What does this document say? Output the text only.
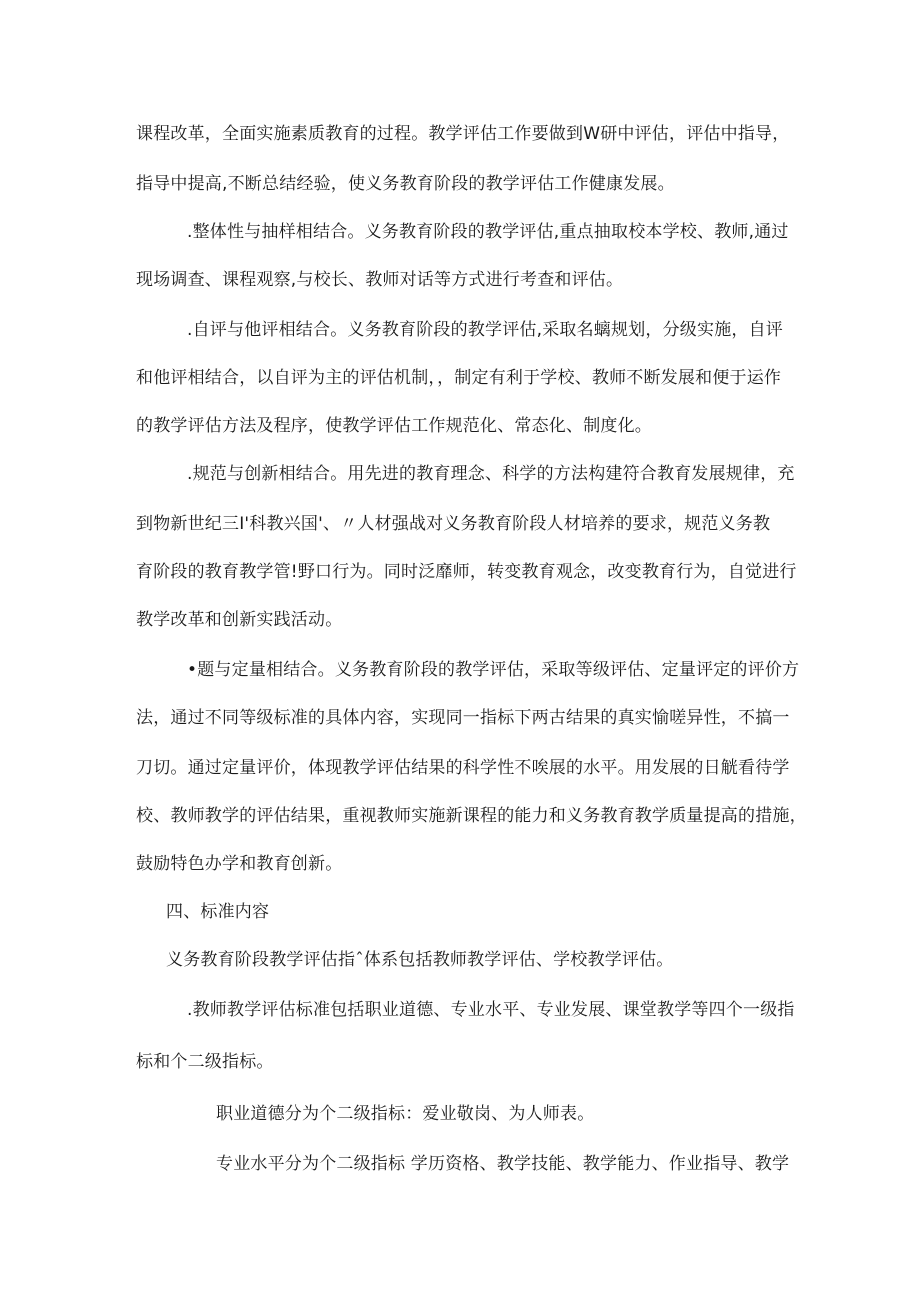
课程改革，全面实施素质教育的过程。教学评估工作要做到W研中评估，评估中指导，
指导中提高,不断总结经验，使义务教育阶段的教学评估工作健康发展。
.整体性与抽样相结合。义务教育阶段的教学评估,重点抽取校本学校、教师,通过
现场调查、课程观察,与校长、教师对话等方式进行考查和评估。
.自评与他评相结合。义务教育阶段的教学评估,采取名螭规划，分级实施，自评
和他评相结合，以自评为主的评估机制，，制定有利于学校、教师不断发展和便于运作
的教学评估方法及程序，使教学评估工作规范化、常态化、制度化。
.规范与创新相结合。用先进的教育理念、科学的方法构建符合教育发展规律，充
到物新世纪三I'科教兴国'、〃人材强战对义务教育阶段人材培养的要求，规范义务教
育阶段的教育教学管!野口行为。同时泛靡师，转变教育观念，改变教育行为，自觉进行
教学改革和创新实践活动。
•题与定量相结合。义务教育阶段的教学评估，采取等级评估、定量评定的评价方
法，通过不同等级标准的具体内容，实现同一指标下两古结果的真实愉嗟异性，不搞一
刀切。通过定量评价，体现教学评估结果的科学性不唉展的水平。用发展的日觥看待学
校、教师教学的评估结果，重视教师实施新课程的能力和义务教育教学质量提高的措施，
鼓励特色办学和教育创新。
四、标准内容
义务教育阶段教学评估指ˆ体系包括教师教学评估、学校教学评估。
.教师教学评估标准包括职业道德、专业水平、专业发展、课堂教学等四个一级指
标和个二级指标。
职业道德分为个二级指标：爱业敬岗、为人师表。
专业水平分为个二级指标 学历资格、教学技能、教学能力、作业指导、教学
